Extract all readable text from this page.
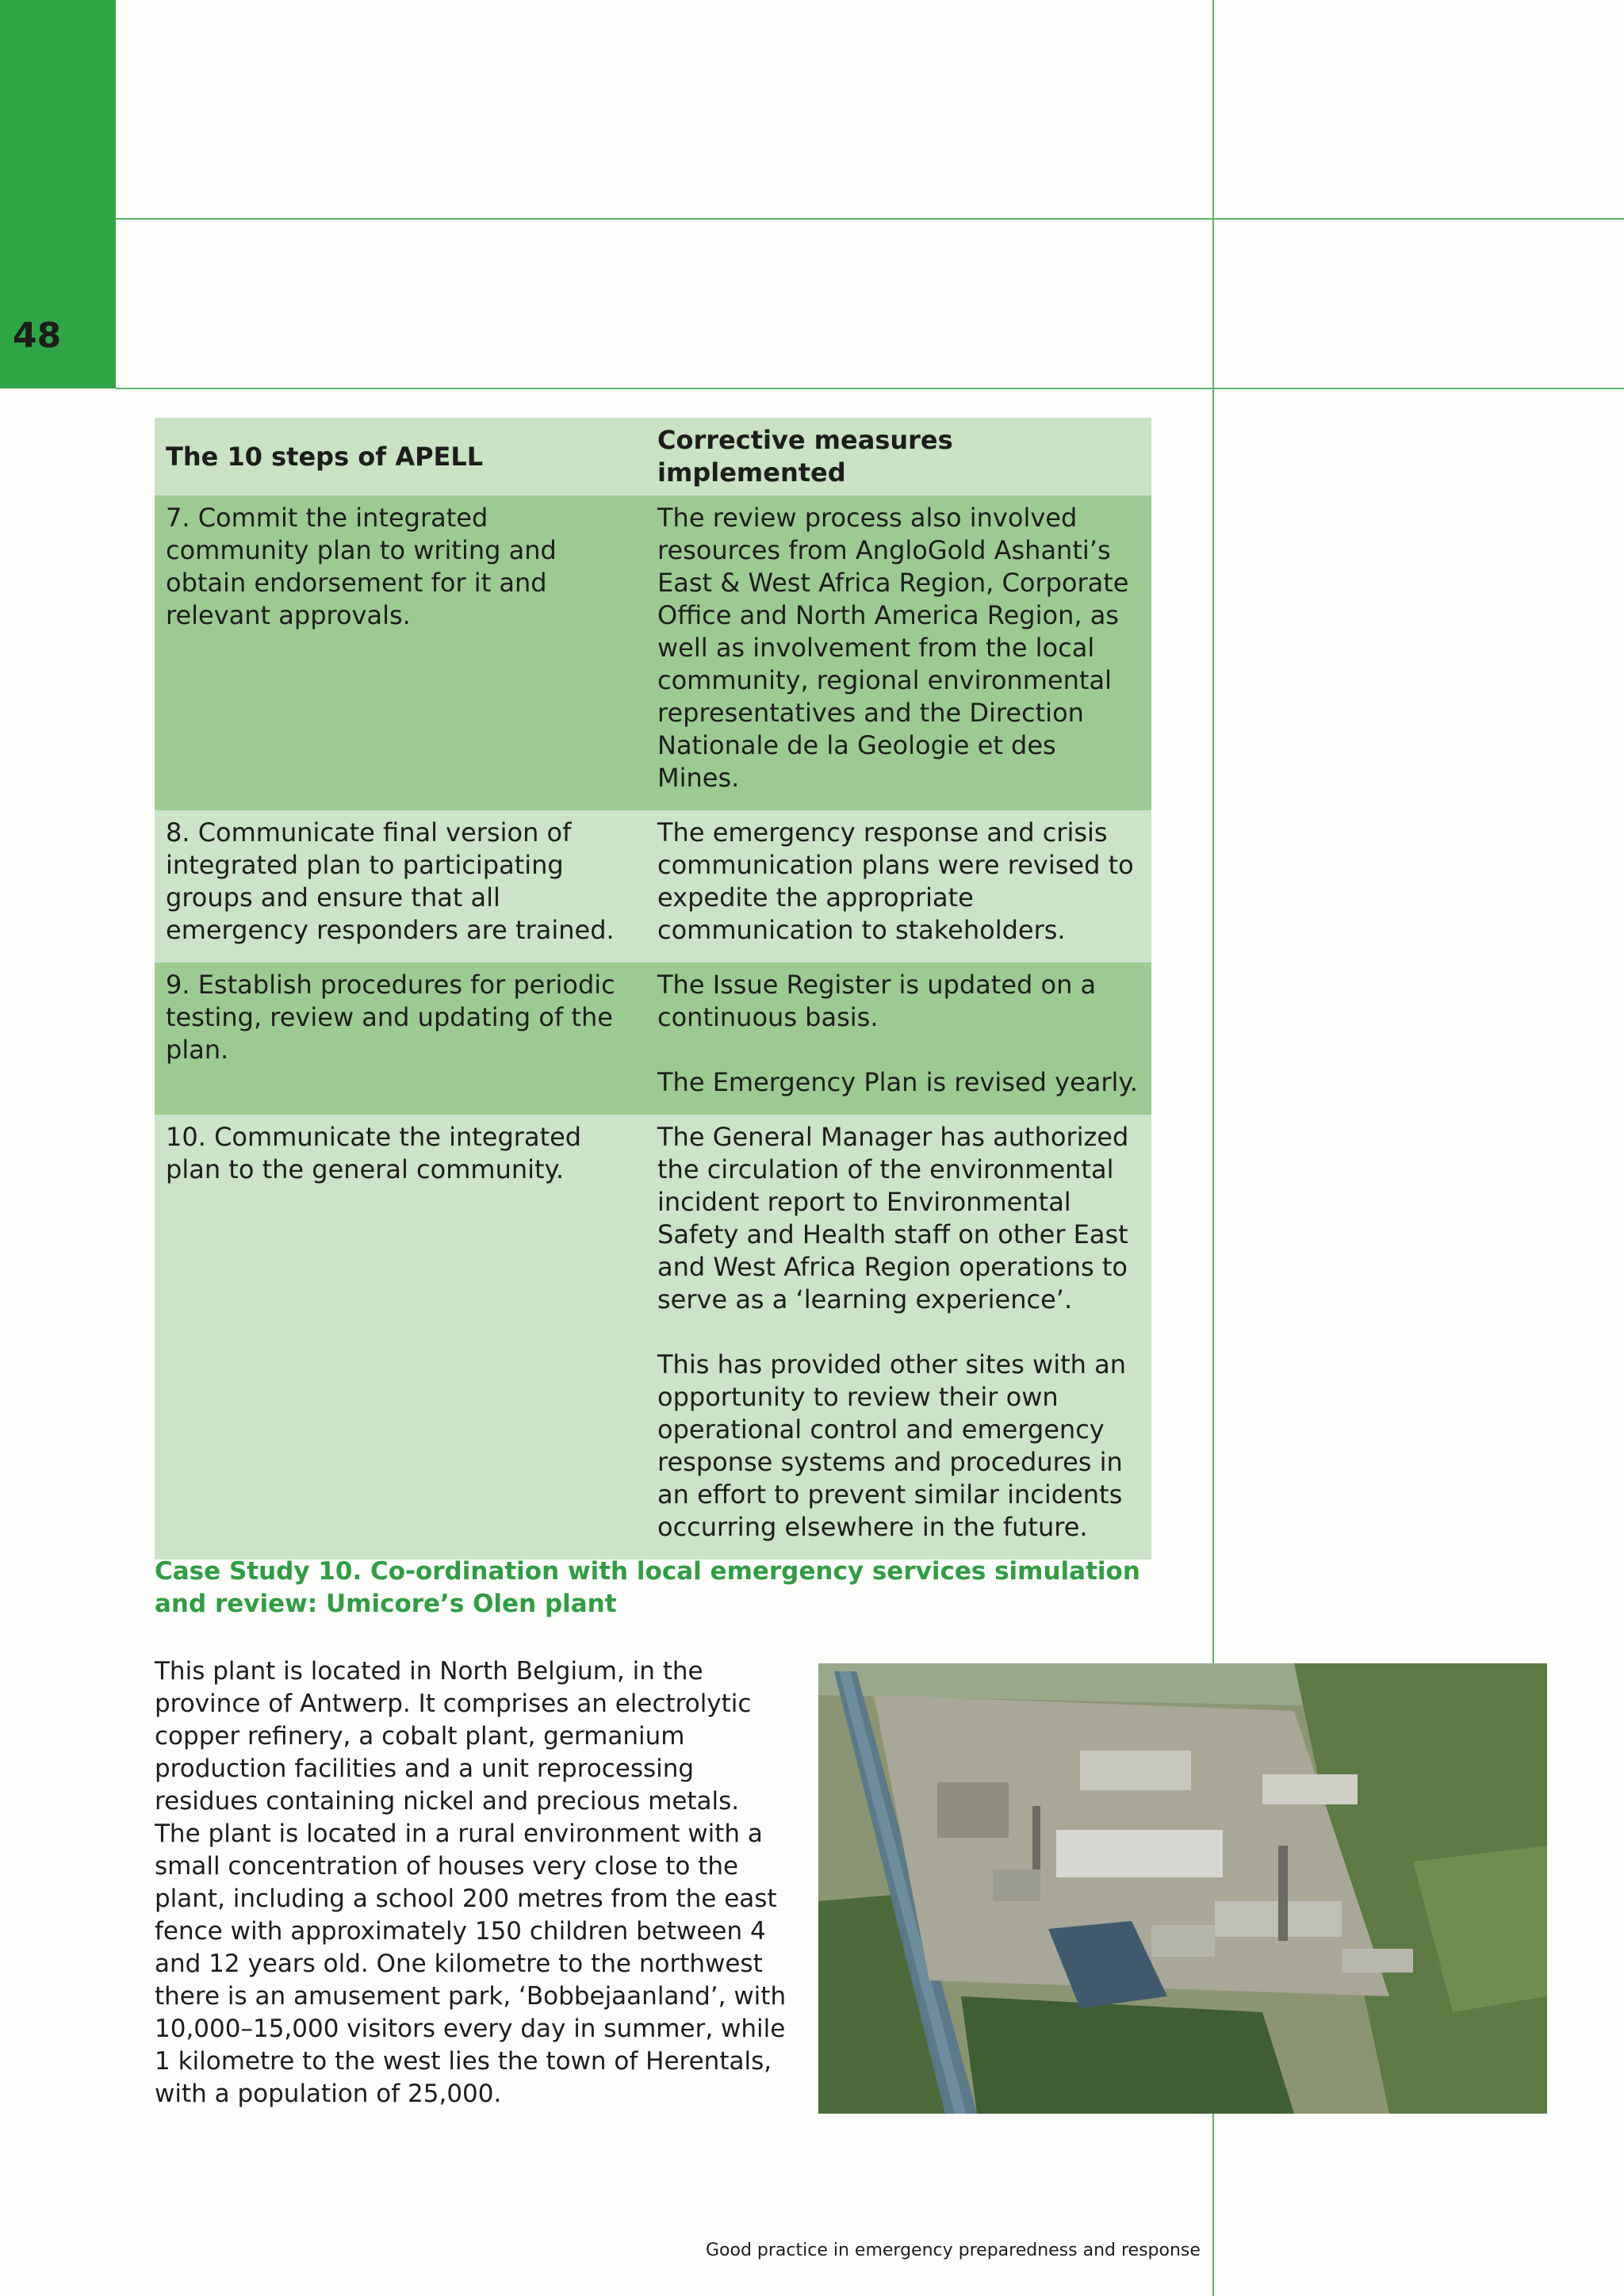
48
The 10 steps of APELL	Corrective measures implemented
7. Commit the integrated community plan to writing and obtain endorsement for it and relevant approvals.	The review process also involved resources from AngloGold Ashanti’s East & West Africa Region, Corporate Office and North America Region, as well as involvement from the local community, regional environmental representatives and the Direction Nationale de la Geologie et des Mines.

8. Communicate final version of integrated plan to participating groups and ensure that all emergency responders are trained.	The emergency response and crisis communication plans were revised to expedite the appropriate communication to stakeholders.

9. Establish procedures for periodic testing, review and updating of the plan.	The Issue Register is updated on a continuous basis.
The Emergency Plan is revised yearly.

10. Communicate the integrated plan to the general community.	The General Manager has authorized the circulation of the environmental incident report to Environmental Safety and Health staff on other East and West Africa Region operations to serve as a ‘learning experience’.
This has provided other sites with an opportunity to review their own operational control and emergency response systems and procedures in an effort to prevent similar incidents occurring elsewhere in the future.
Case Study 10. Co-ordination with local emergency services simulation and review: Umicore’s Olen plant
This plant is located in North Belgium, in the province of Antwerp. It comprises an electrolytic copper refinery, a cobalt plant, germanium production facilities and a unit reprocessing residues containing nickel and precious metals. The plant is located in a rural environment with a small concentration of houses very close to the plant, including a school 200 metres from the east fence with approximately 150 children between 4 and 12 years old. One kilometre to the northwest there is an amusement park, ‘Bobbejaanland’, with 10,000–15,000 visitors every day in summer, while 1 kilometre to the west lies the town of Herentals, with a population of 25,000.
Good practice in emergency preparedness and response
